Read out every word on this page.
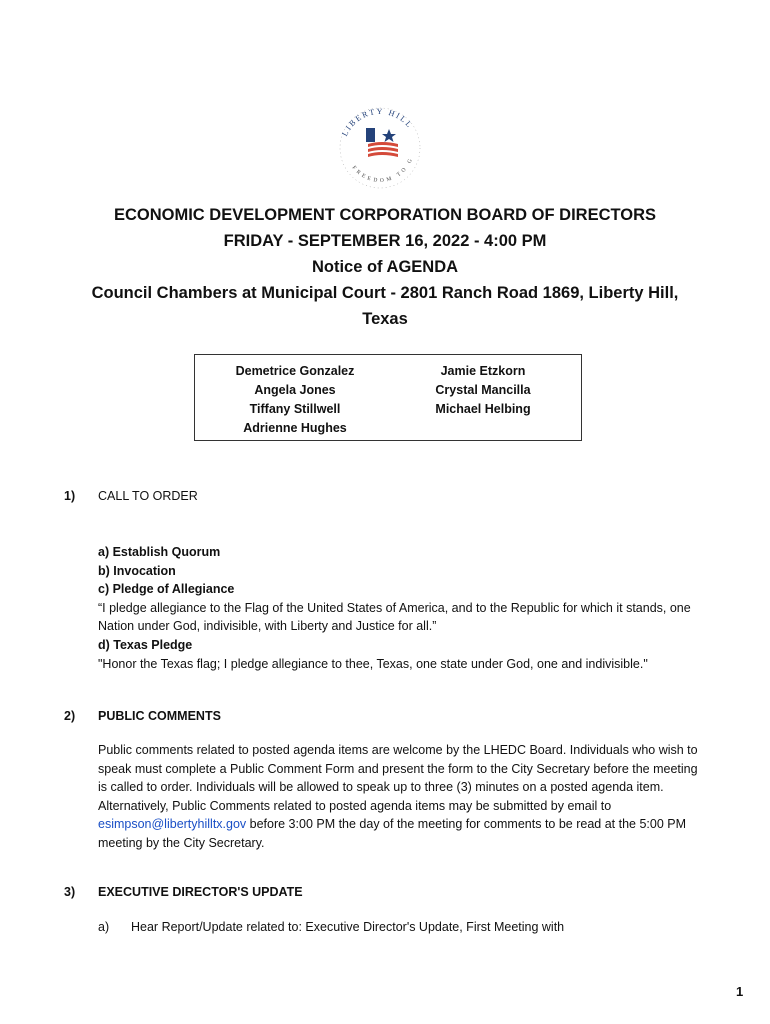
LIBERTY HILL
FREEDOM TO G
ECONOMIC DEVELOPMENT CORPORATION BOARD OF DIRECTORS
FRIDAY - SEPTEMBER 16, 2022 - 4:00 PM
Notice of AGENDA
Council Chambers at Municipal Court - 2801 Ranch Road 1869, Liberty Hill,
Texas
Demetrice Gonzalez
Angela Jones
Tiffany Stillwell
Adrienne Hughes
Jamie Etzkorn
Crystal Mancilla
Michael Helbing
1) CALL TO ORDER
a) Establish Quorum
b) Invocation
c) Pledge of Allegiance
“I pledge allegiance to the Flag of the United States of America, and to the Republic for which it stands, one Nation under God, indivisible, with Liberty and Justice for all.”
d) Texas Pledge
"Honor the Texas flag; I pledge allegiance to thee, Texas, one state under God, one and indivisible."
2) PUBLIC COMMENTS
Public comments related to posted agenda items are welcome by the LHEDC Board. Individuals who wish to speak must complete a Public Comment Form and present the form to the City Secretary before the meeting is called to order. Individuals will be allowed to speak up to three (3) minutes on a posted agenda item. Alternatively, Public Comments related to posted agenda items may be submitted by email to esimpson@libertyhilltx.gov before 3:00 PM the day of the meeting for comments to be read at the 5:00 PM meeting by the City Secretary.
3) EXECUTIVE DIRECTOR'S UPDATE
a) Hear Report/Update related to: Executive Director's Update, First Meeting with
1
